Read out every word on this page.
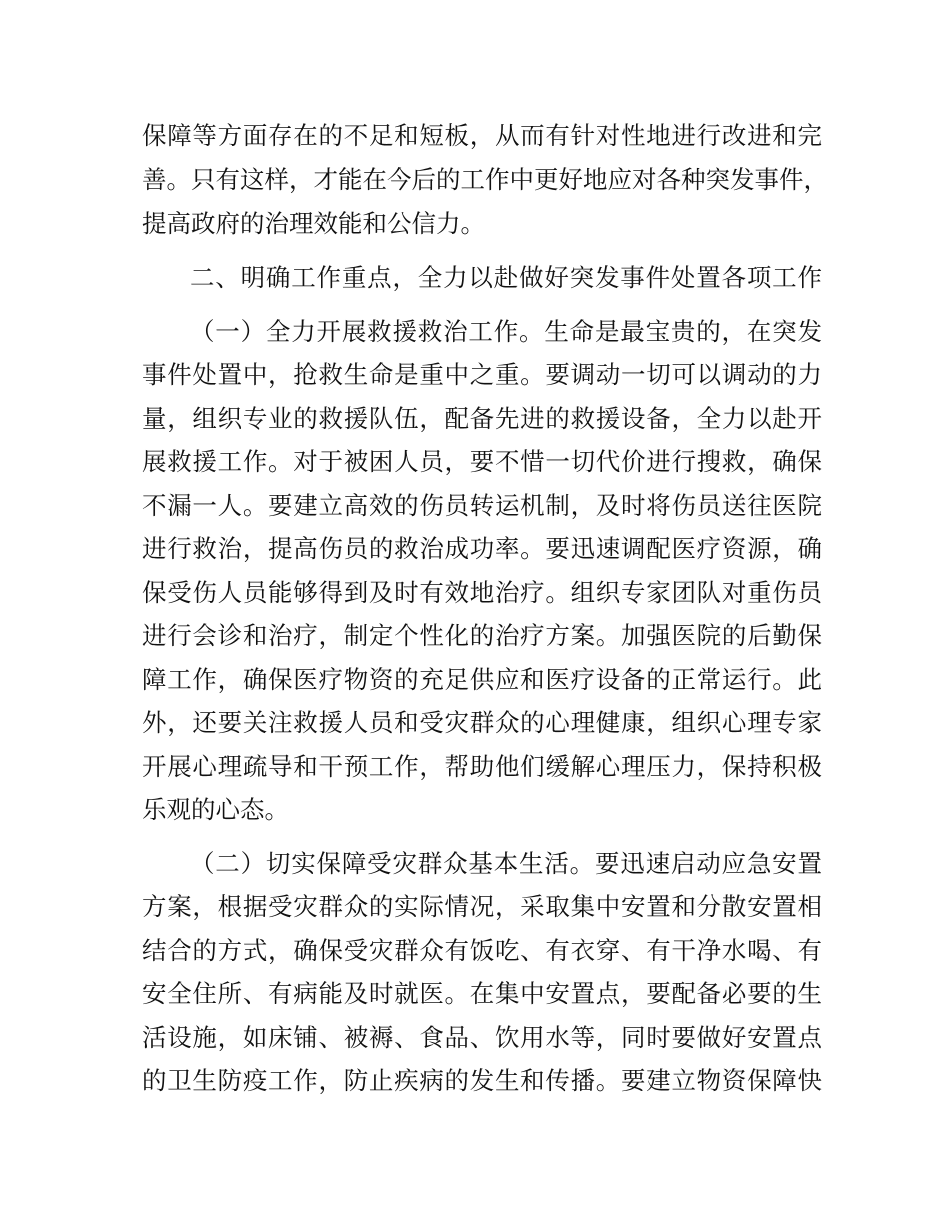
保障等方面存在的不足和短板，从而有针对性地进行改进和完
善。只有这样，才能在今后的工作中更好地应对各种突发事件，
提高政府的治理效能和公信力。
二、明确工作重点，全力以赴做好突发事件处置各项工作
（一）全力开展救援救治工作。生命是最宝贵的，在突发
事件处置中，抢救生命是重中之重。要调动一切可以调动的力
量，组织专业的救援队伍，配备先进的救援设备，全力以赴开
展救援工作。对于被困人员，要不惜一切代价进行搜救，确保
不漏一人。要建立高效的伤员转运机制，及时将伤员送往医院
进行救治，提高伤员的救治成功率。要迅速调配医疗资源，确
保受伤人员能够得到及时有效地治疗。组织专家团队对重伤员
进行会诊和治疗，制定个性化的治疗方案。加强医院的后勤保
障工作，确保医疗物资的充足供应和医疗设备的正常运行。此
外，还要关注救援人员和受灾群众的心理健康，组织心理专家
开展心理疏导和干预工作，帮助他们缓解心理压力，保持积极
乐观的心态。
（二）切实保障受灾群众基本生活。要迅速启动应急安置
方案，根据受灾群众的实际情况，采取集中安置和分散安置相
结合的方式，确保受灾群众有饭吃、有衣穿、有干净水喝、有
安全住所、有病能及时就医。在集中安置点，要配备必要的生
活设施，如床铺、被褥、食品、饮用水等，同时要做好安置点
的卫生防疫工作，防止疾病的发生和传播。要建立物资保障快
